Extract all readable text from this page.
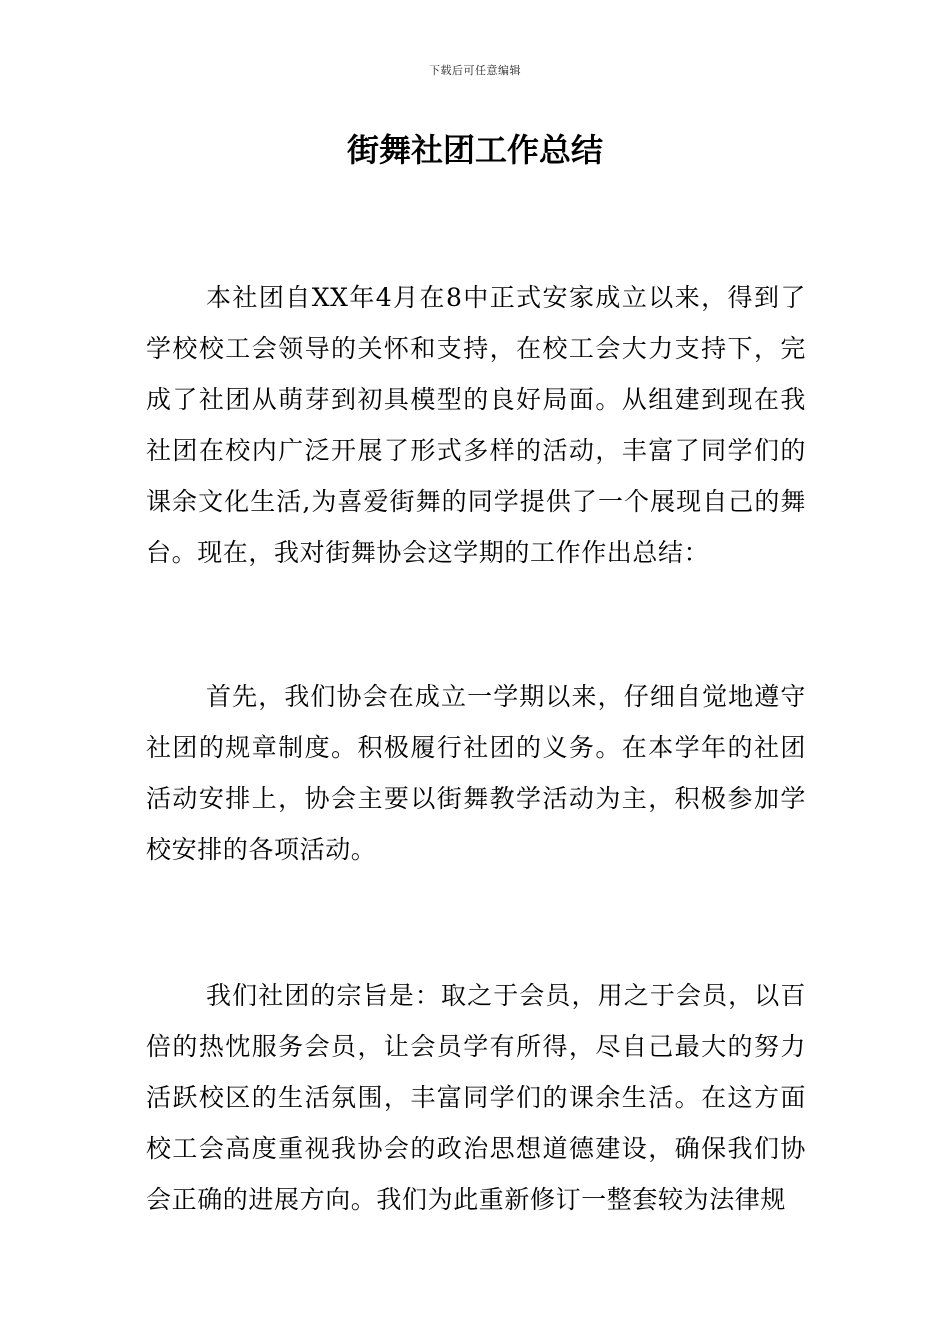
下载后可任意编辑
街舞社团工作总结

本社团自XX年4月在8中正式安家成立以来，得到了学校校工会领导的关怀和支持，在校工会大力支持下，完成了社团从萌芽到初具模型的良好局面。从组建到现在我社团在校内广泛开展了形式多样的活动，丰富了同学们的课余文化生活,为喜爱街舞的同学提供了一个展现自己的舞台。现在，我对街舞协会这学期的工作作出总结：

首先，我们协会在成立一学期以来，仔细自觉地遵守社团的规章制度。积极履行社团的义务。在本学年的社团活动安排上，协会主要以街舞教学活动为主，积极参加学校安排的各项活动。

我们社团的宗旨是：取之于会员，用之于会员，以百倍的热忱服务会员，让会员学有所得，尽自己最大的努力活跃校区的生活氛围，丰富同学们的课余生活。在这方面校工会高度重视我协会的政治思想道德建设，确保我们协会正确的进展方向。我们为此重新修订一整套较为法律规
